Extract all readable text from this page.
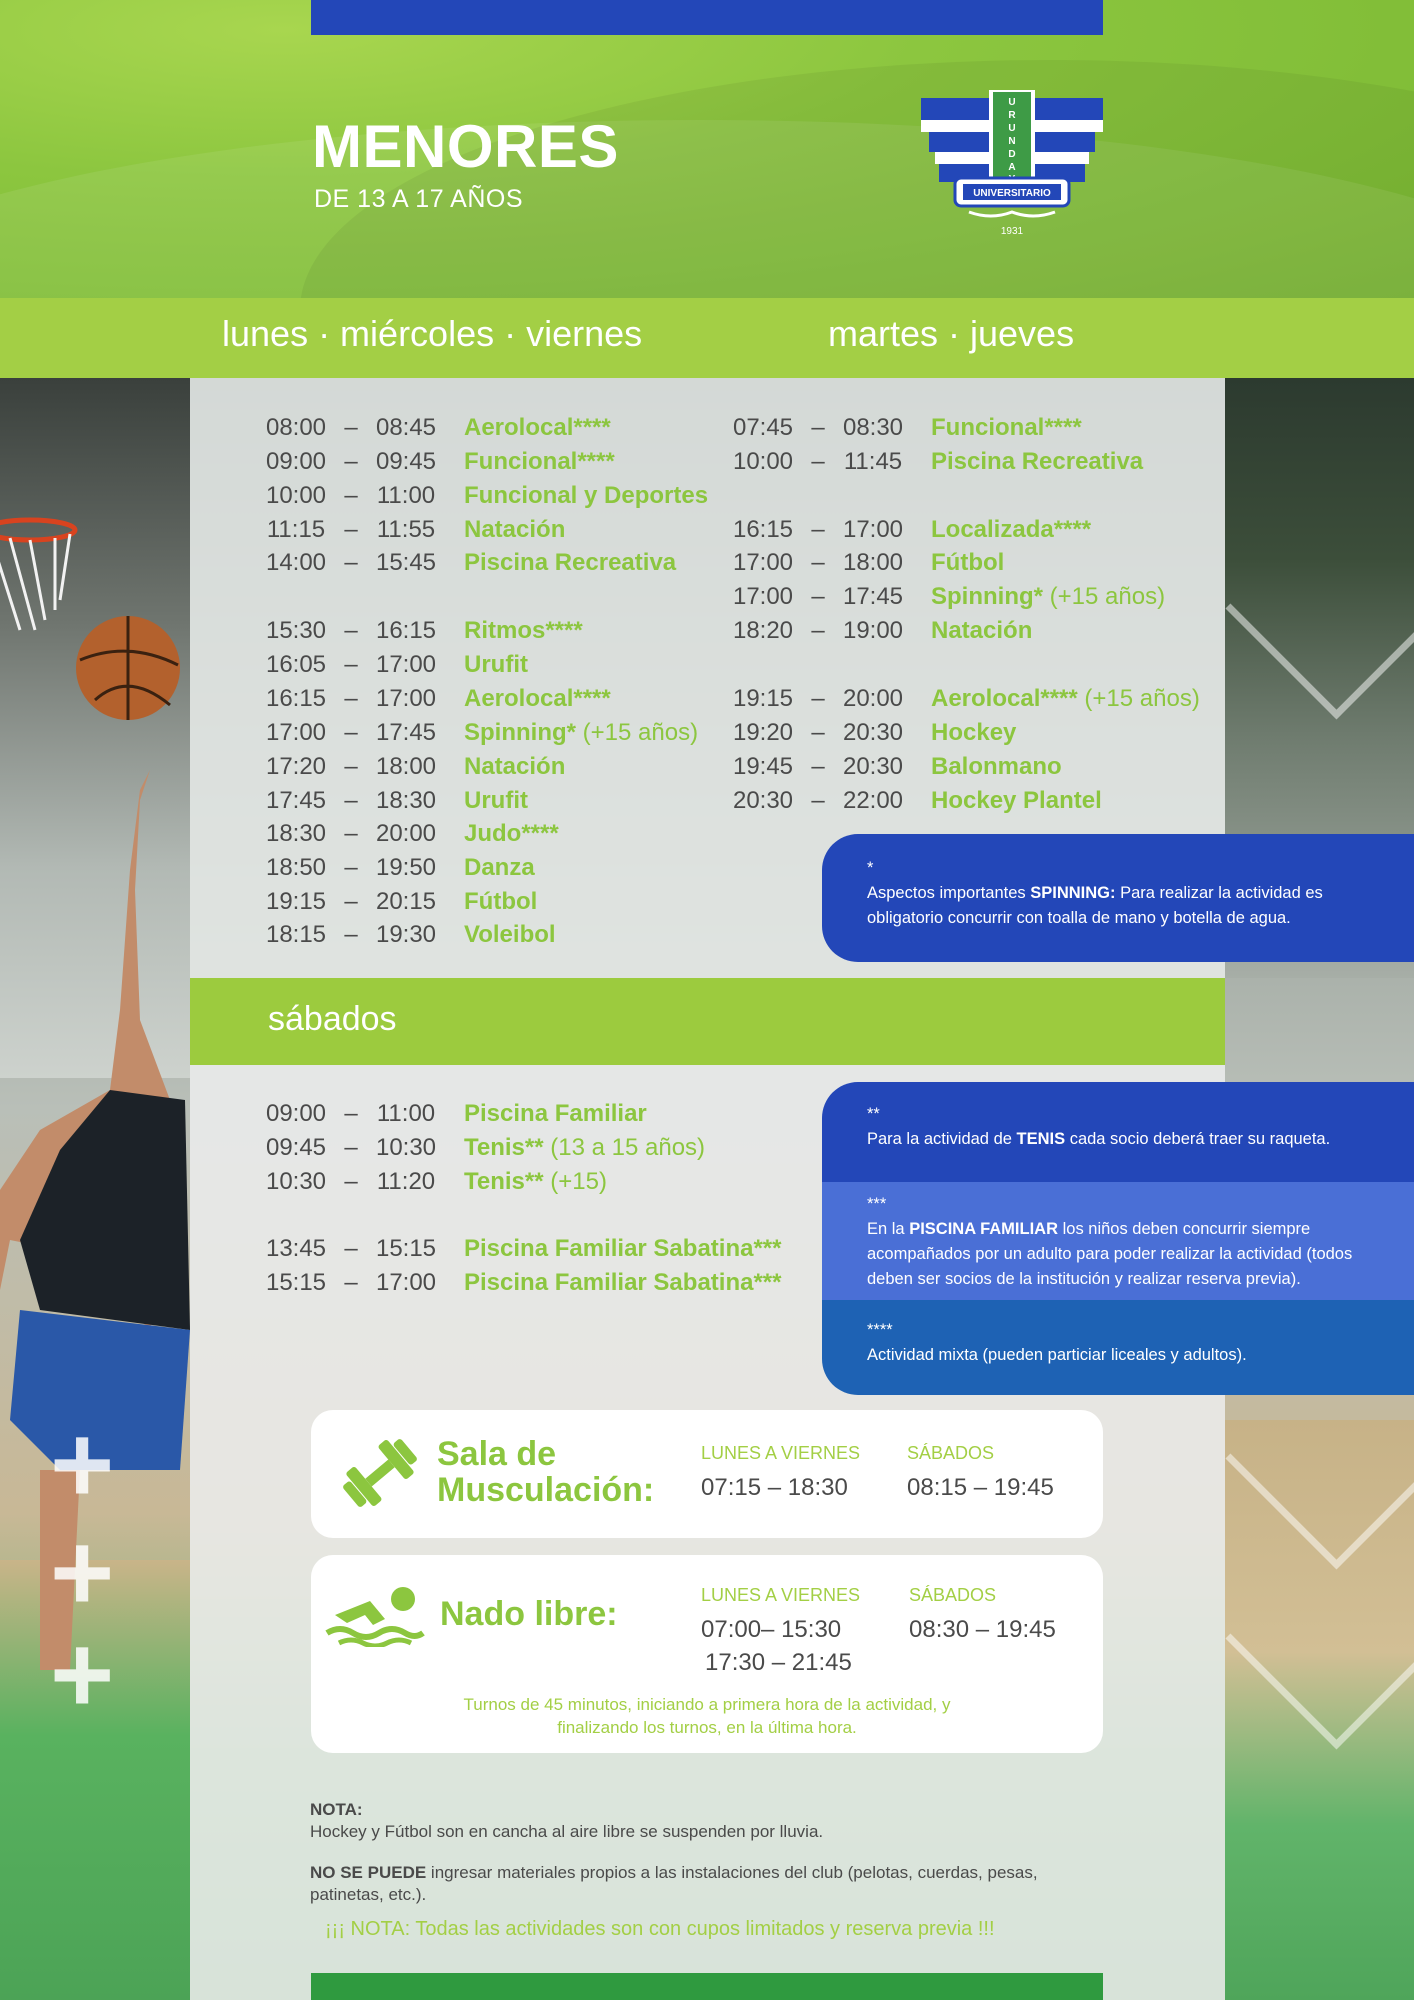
+
+
+
MENORES
DE 13 A 17 AÑOS
U
R
U
N
D
A
UNIVERSITARIO
1931
lunes · miércoles · viernes	martes · jueves
08:00 – 08:45 Aerolocal****
09:00 – 09:45 Funcional****
10:00 – 11:00 Funcional y Deportes
11:15 – 11:55 Natación
14:00 – 15:45 Piscina Recreativa
15:30 – 16:15 Ritmos****
16:05 – 17:00 Urufit
16:15 – 17:00 Aerolocal****
17:00 – 17:45 Spinning* (+15 años)
17:20 – 18:00 Natación
17:45 – 18:30 Urufit
18:30 – 20:00 Judo****
18:50 – 19:50 Danza
19:15 – 20:15 Fútbol
18:15 – 19:30 Voleibol
07:45 – 08:30 Funcional****
10:00 – 11:45 Piscina Recreativa
16:15 – 17:00 Localizada****
17:00 – 18:00 Fútbol
17:00 – 17:45 Spinning* (+15 años)
18:20 – 19:00 Natación
19:15 – 20:00 Aerolocal**** (+15 años)
19:20 – 20:30 Hockey
19:45 – 20:30 Balonmano
20:30 – 22:00 Hockey Plantel
*
Aspectos importantes SPINNING: Para realizar la actividad es obligatorio concurrir con toalla de mano y botella de agua.
sábados
09:00 – 11:00 Piscina Familiar
09:45 – 10:30 Tenis** (13 a 15 años)
10:30 – 11:20 Tenis** (+15)
13:45 – 15:15 Piscina Familiar Sabatina***
15:15 – 17:00 Piscina Familiar Sabatina***
**
Para la actividad de TENIS cada socio deberá traer su raqueta.
***
En la PISCINA FAMILIAR los niños deben concurrir siempre acompañados por un adulto para poder realizar la actividad (todos deben ser socios de la institución y realizar reserva previa).
****
Actividad mixta (pueden particiar liceales y adultos).
Sala de
Musculación:
LUNES A VIERNES
07:15 – 18:30
SÁBADOS
08:15 – 19:45
Nado libre:	LUNES A VIERNES
07:00– 15:30
17:30 – 21:45
SÁBADOS
08:30 – 19:45
Turnos de 45 minutos, iniciando a primera hora de la actividad, y finalizando los turnos, en la última hora.
NOTA:
Hockey y Fútbol son en cancha al aire libre se suspenden por lluvia.
NO SE PUEDE ingresar materiales propios a las instalaciones del club (pelotas, cuerdas, pesas, patinetas, etc.).
¡¡¡ NOTA: Todas las actividades son con cupos limitados y reserva previa !!!
